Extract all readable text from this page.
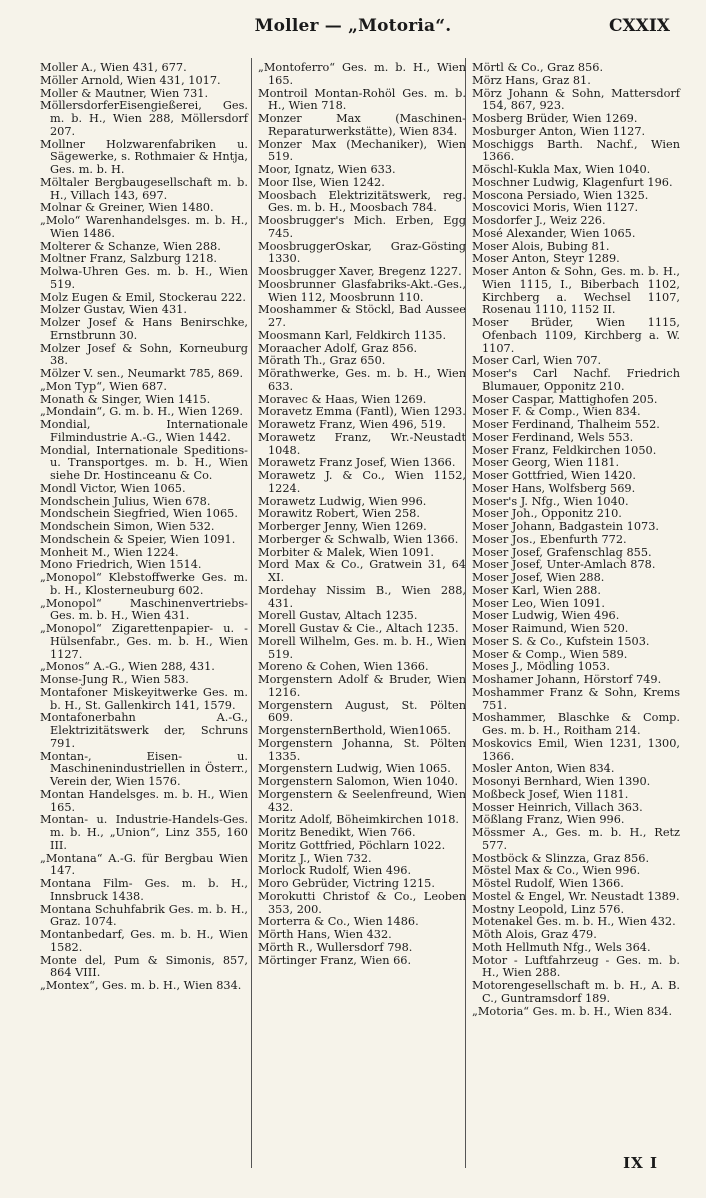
Moller — „Motoria“.	CXXIX
Moller A., Wien 431, 677.
Möller Arnold, Wien 431, 1017.
Moller & Mautner, Wien 731.
MöllersdorferEisengießerei, Ges. m. b. H., Wien 288, Möllersdorf 207.
Mollner Holzwarenfabriken u. Sägewerke, s. Rothmaier & Hntja, Ges. m. b. H.
Möltaler Bergbaugesellschaft m. b. H., Villach 143, 697.
Molnar & Greiner, Wien 1480.
„Molo“ Warenhandelsges. m. b. H., Wien 1486.
Molterer & Schanze, Wien 288.
Moltner Franz, Salzburg 1218.
Molwa-Uhren Ges. m. b. H., Wien 519.
Molz Eugen & Emil, Stockerau 222.
Molzer Gustav, Wien 431.
Molzer Josef & Hans Benirschke, Ernstbrunn 30.
Molzer Josef & Sohn, Korneuburg 38.
Mölzer V. sen., Neumarkt 785, 869.
„Mon Typ“, Wien 687.
Monath & Singer, Wien 1415.
„Mondain“, G. m. b. H., Wien 1269.
Mondial, Internationale Filmindustrie A.-G., Wien 1442.
Mondial, Internationale Speditions- u. Transportges. m. b. H., Wien siehe Dr. Hostinceanu & Co.
Mondl Victor, Wien 1065.
Mondschein Julius, Wien 678.
Mondschein Siegfried, Wien 1065.
Mondschein Simon, Wien 532.
Mondschein & Speier, Wien 1091.
Monheit M., Wien 1224.
Mono Friedrich, Wien 1514.
„Monopol“ Klebstoffwerke Ges. m. b. H., Klosterneuburg 602.
„Monopol“ Maschinenvertriebs-Ges. m. b. H., Wien 431.
„Monopol“ Zigarettenpapier- u. -Hülsenfabr., Ges. m. b. H., Wien 1127.
„Monos“ A.-G., Wien 288, 431.
Monse-Jung R., Wien 583.
Montafoner Miskeyitwerke Ges. m. b. H., St. Gallenkirch 141, 1579.
Montafonerbahn A.-G., Elektrizitätswerk der, Schruns 791.
Montan-, Eisen- u. Maschinenindustriellen in Österr., Verein der, Wien 1576.
Montan Handelsges. m. b. H., Wien 165.
Montan- u. Industrie-Handels-Ges. m. b. H., „Union“, Linz 355, 160 III.
„Montana“ A.-G. für Bergbau Wien 147.
Montana Film- Ges. m. b. H., Innsbruck 1438.
Montana Schuhfabrik Ges. m. b. H., Graz. 1074.
Montanbedarf, Ges. m. b. H., Wien 1582.
Monte del, Pum & Simonis, 857, 864 VIII.
„Montex“, Ges. m. b. H., Wien 834.
„Montoferro“ Ges. m. b. H., Wien 165.
Montroil Montan-Rohöl Ges. m. b. H., Wien 718.
Monzer Max (Maschinen-Reparaturwerkstätte), Wien 834.
Monzer Max (Mechaniker), Wien 519.
Moor, Ignatz, Wien 633.
Moor Ilse, Wien 1242.
Moosbach Elektrizitätswerk, reg. Ges. m. b. H., Moosbach 784.
Moosbrugger's Mich. Erben, Egg 745.
MoosbruggerOskar, Graz-Gösting 1330.
Moosbrugger Xaver, Bregenz 1227.
Moosbrunner Glasfabriks-Akt.-Ges., Wien 112, Moosbrunn 110.
Mooshammer & Stöckl, Bad Aussee 27.
Moosmann Karl, Feldkirch 1135.
Moraacher Adolf, Graz 856.
Mörath Th., Graz 650.
Mörathwerke, Ges. m. b. H., Wien 633.
Moravec & Haas, Wien 1269.
Moravetz Emma (Fantl), Wien 1293.
Morawetz Franz, Wien 496, 519.
Morawetz Franz, Wr.-Neustadt 1048.
Morawetz Franz Josef, Wien 1366.
Morawetz J. & Co., Wien 1152, 1224.
Morawetz Ludwig, Wien 996.
Morawitz Robert, Wien 258.
Morberger Jenny, Wien 1269.
Morberger & Schwalb, Wien 1366.
Morbiter & Malek, Wien 1091.
Mord Max & Co., Gratwein 31, 64 XI.
Mordehay Nissim B., Wien 288, 431.
Morell Gustav, Altach 1235.
Morell Gustav & Cie., Altach 1235.
Morell Wilhelm, Ges. m. b. H., Wien 519.
Moreno & Cohen, Wien 1366.
Morgenstern Adolf & Bruder, Wien 1216.
Morgenstern August, St. Pölten 609.
MorgensternBerthold, Wien1065.
Morgenstern Johanna, St. Pölten 1335.
Morgenstern Ludwig, Wien 1065.
Morgenstern Salomon, Wien 1040.
Morgenstern & Seelenfreund, Wien 432.
Moritz Adolf, Böheimkirchen 1018.
Moritz Benedikt, Wien 766.
Moritz Gottfried, Pöchlarn 1022.
Moritz J., Wien 732.
Morlock Rudolf, Wien 496.
Moro Gebrüder, Victring 1215.
Morokutti Christof & Co., Leoben 353, 200.
Morterra & Co., Wien 1486.
Mörth Hans, Wien 432.
Mörth R., Wullersdorf 798.
Mörtinger Franz, Wien 66.
Mörtl & Co., Graz 856.
Mörz Hans, Graz 81.
Mörz Johann & Sohn, Mattersdorf 154, 867, 923.
Mosberg Brüder, Wien 1269.
Mosburger Anton, Wien 1127.
Moschiggs Barth. Nachf., Wien 1366.
Möschl-Kukla Max, Wien 1040.
Moschner Ludwig, Klagenfurt 196.
Moscona Persiado, Wien 1325.
Moscovici Moris, Wien 1127.
Mosdorfer J., Weiz 226.
Mosé Alexander, Wien 1065.
Moser Alois, Bubing 81.
Moser Anton, Steyr 1289.
Moser Anton & Sohn, Ges. m. b. H., Wien 1115, I., Biberbach 1102, Kirchberg a. Wechsel 1107, Rosenau 1110, 1152 II.
Moser Brüder, Wien 1115, Ofenbach 1109, Kirchberg a. W. 1107.
Moser Carl, Wien 707.
Moser's Carl Nachf. Friedrich Blumauer, Opponitz 210.
Moser Caspar, Mattighofen 205.
Moser F. & Comp., Wien 834.
Moser Ferdinand, Thalheim 552.
Moser Ferdinand, Wels 553.
Moser Franz, Feldkirchen 1050.
Moser Georg, Wien 1181.
Moser Gottfried, Wien 1420.
Moser Hans, Wolfsberg 569.
Moser's J. Nfg., Wien 1040.
Moser Joh., Opponitz 210.
Moser Johann, Badgastein 1073.
Moser Jos., Ebenfurth 772.
Moser Josef, Grafenschlag 855.
Moser Josef, Unter-Amlach 878.
Moser Josef, Wien 288.
Moser Karl, Wien 288.
Moser Leo, Wien 1091.
Moser Ludwig, Wien 496.
Moser Raimund, Wien 520.
Moser S. & Co., Kufstein 1503.
Moser & Comp., Wien 589.
Moses J., Mödling 1053.
Moshamer Johann, Hörstorf 749.
Moshammer Franz & Sohn, Krems 751.
Moshammer, Blaschke & Comp. Ges. m. b. H., Roitham 214.
Moskovics Emil, Wien 1231, 1300, 1366.
Mosler Anton, Wien 834.
Mosonyi Bernhard, Wien 1390.
Moßbeck Josef, Wien 1181.
Mosser Heinrich, Villach 363.
Mößlang Franz, Wien 996.
Mössmer A., Ges. m. b. H., Retz 577.
Mostböck & Slinzza, Graz 856.
Möstel Max & Co., Wien 996.
Möstel Rudolf, Wien 1366.
Mostel & Engel, Wr. Neustadt 1389.
Mostny Leopold, Linz 576.
Motenakel Ges. m. b. H., Wien 432.
Möth Alois, Graz 479.
Moth Hellmuth Nfg., Wels 364.
Motor - Luftfahrzeug - Ges. m. b. H., Wien 288.
Motorengesellschaft m. b. H., A. B. C., Guntramsdorf 189.
„Motoria“ Ges. m. b. H., Wien 834.
IX I
